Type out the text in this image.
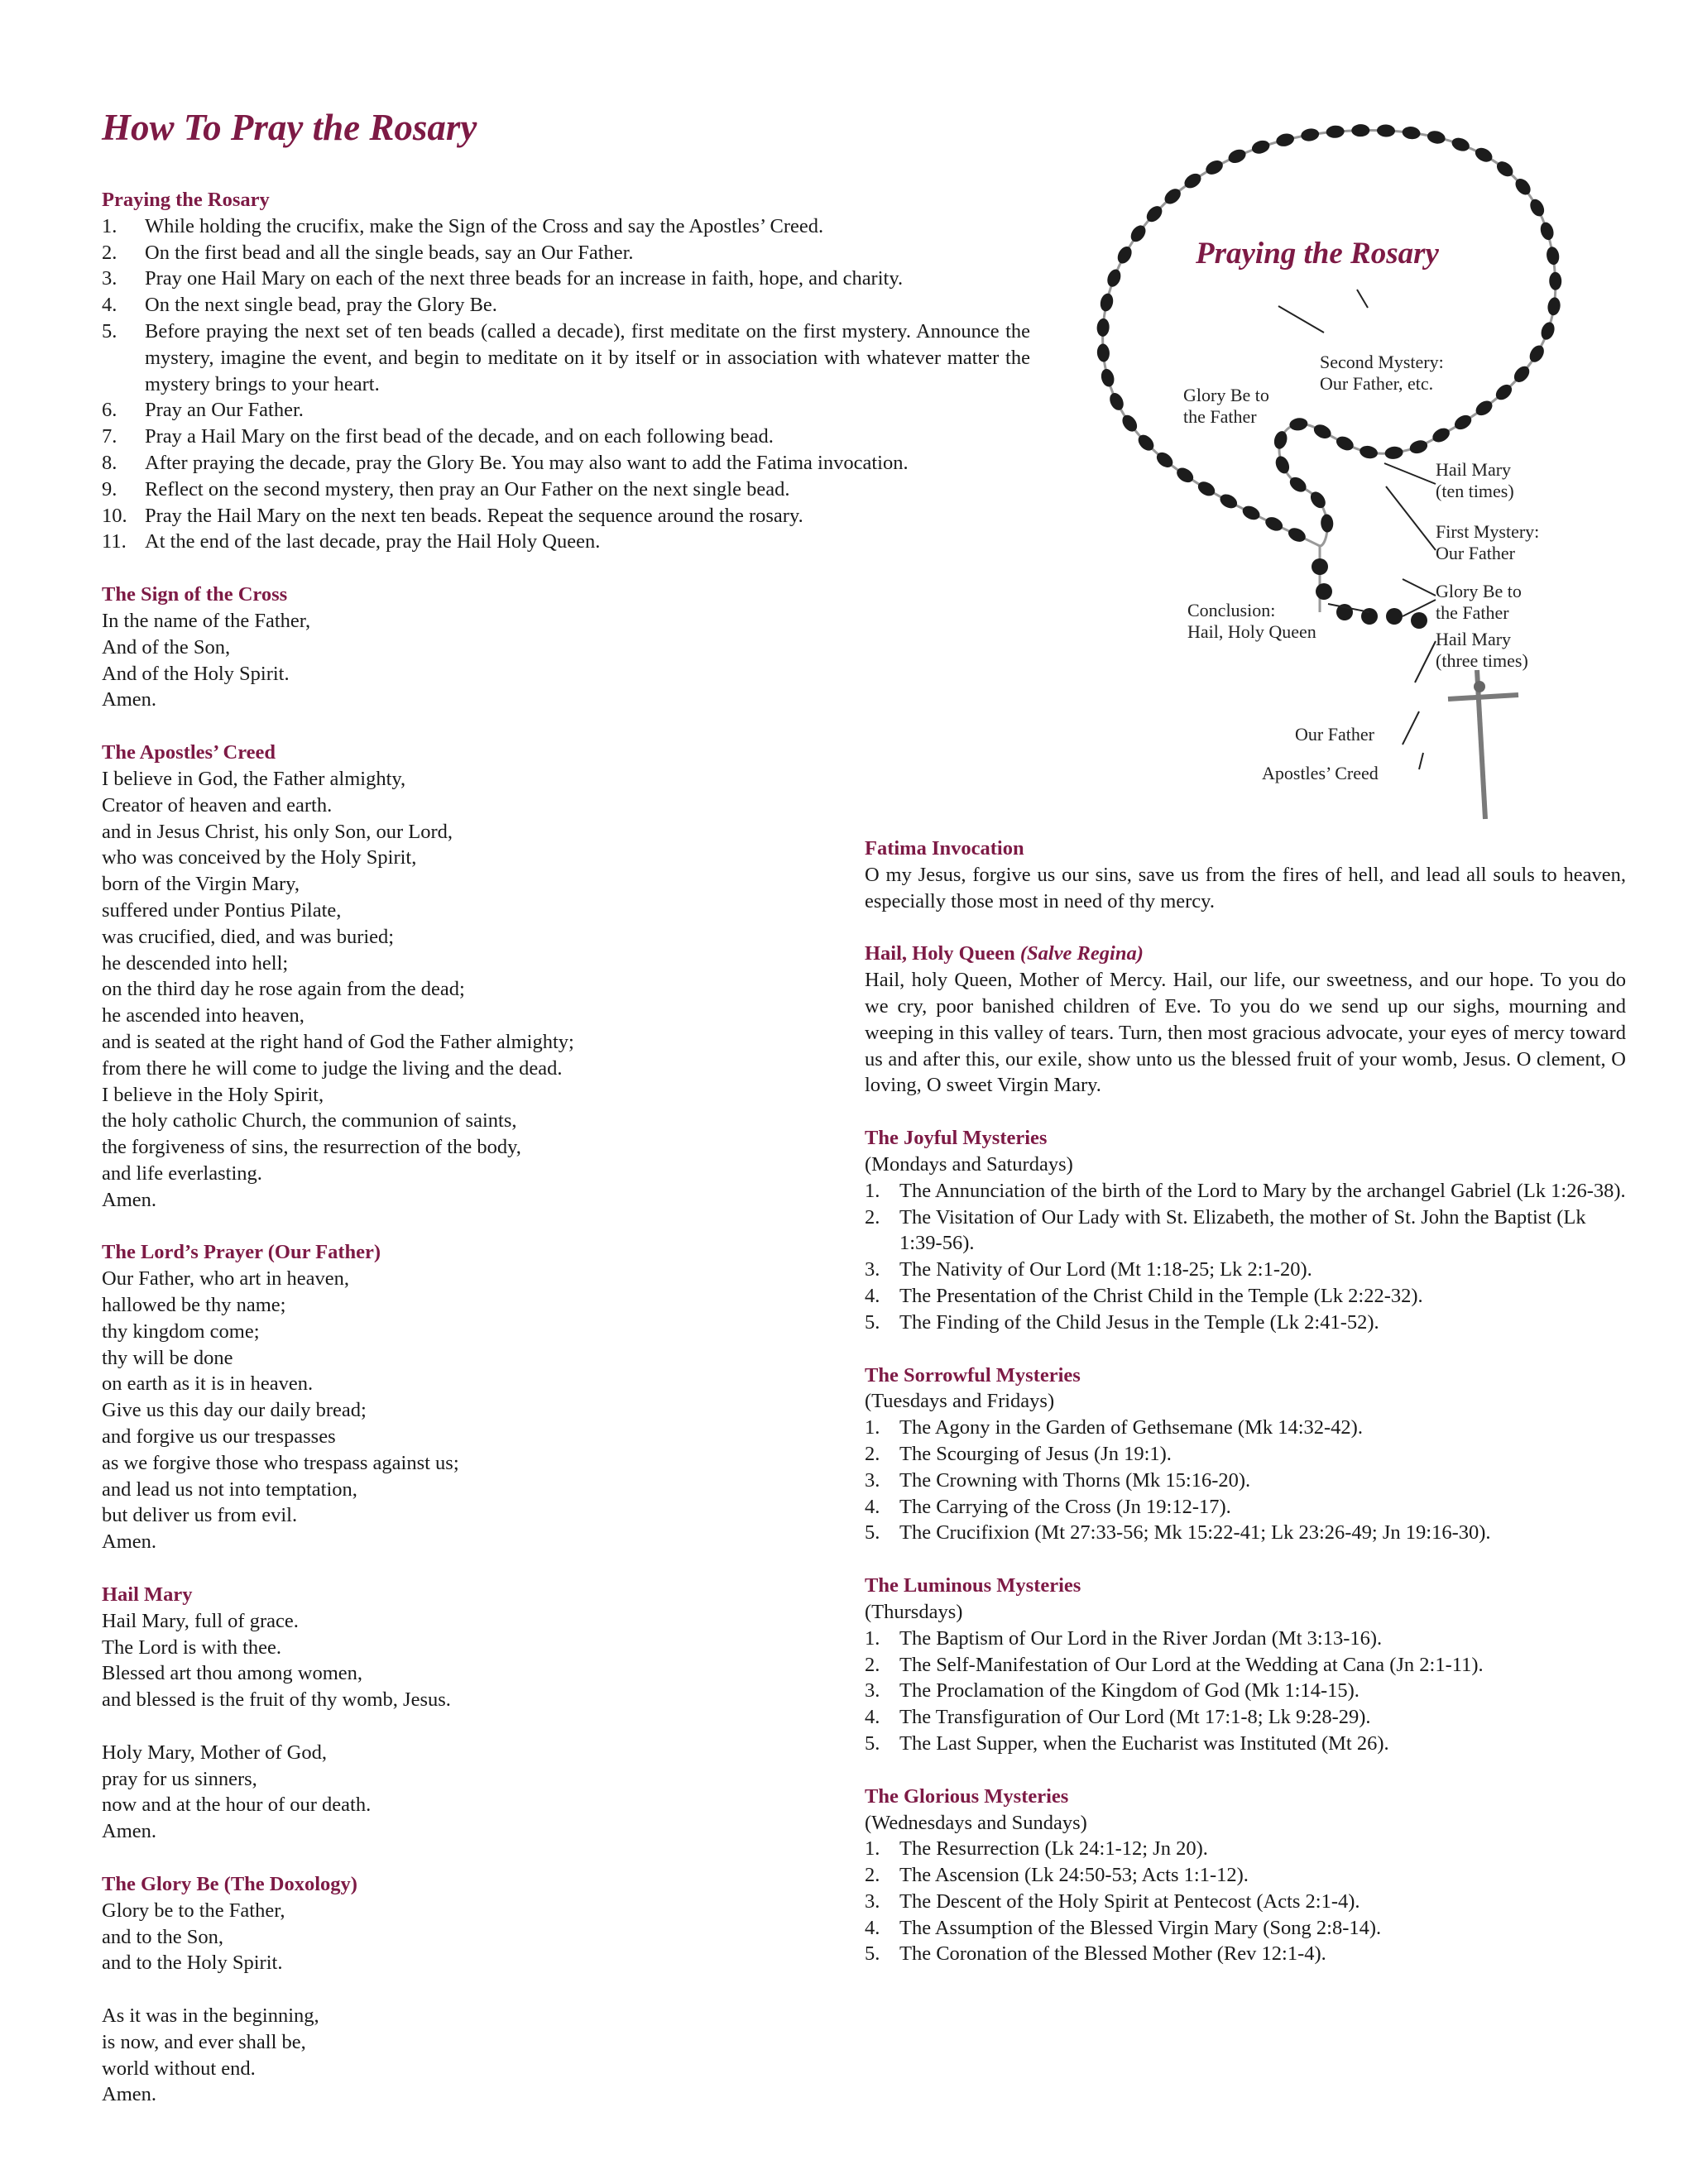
How To Pray the Rosary
Praying the Rosary
1. While holding the crucifix, make the Sign of the Cross and say the Apostles’ Creed.
2. On the first bead and all the single beads, say an Our Father.
3. Pray one Hail Mary on each of the next three beads for an increase in faith, hope, and charity.
4. On the next single bead, pray the Glory Be.
5. Before praying the next set of ten beads (called a decade), first meditate on the first mystery. Announce the mystery, imagine the event, and begin to meditate on it by itself or in association with whatever matter the mystery brings to your heart.
6. Pray an Our Father.
7. Pray a Hail Mary on the first bead of the decade, and on each following bead.
8. After praying the decade, pray the Glory Be. You may also want to add the Fatima invocation.
9. Reflect on the second mystery, then pray an Our Father on the next single bead.
10. Pray the Hail Mary on the next ten beads. Repeat the sequence around the rosary.
11. At the end of the last decade, pray the Hail Holy Queen.
The Sign of the Cross
In the name of the Father,
And of the Son,
And of the Holy Spirit.
Amen.
The Apostles’ Creed
I believe in God, the Father almighty,
Creator of heaven and earth.
and in Jesus Christ, his only Son, our Lord,
who was conceived by the Holy Spirit,
born of the Virgin Mary,
suffered under Pontius Pilate,
was crucified, died, and was buried;
he descended into hell;
on the third day he rose again from the dead;
he ascended into heaven,
and is seated at the right hand of God the Father almighty;
from there he will come to judge the living and the dead.
I believe in the Holy Spirit,
the holy catholic Church, the communion of saints,
the forgiveness of sins, the resurrection of the body,
and life everlasting.
Amen.
The Lord’s Prayer (Our Father)
Our Father, who art in heaven,
hallowed be thy name;
thy kingdom come;
thy will be done
on earth as it is in heaven.
Give us this day our daily bread;
and forgive us our trespasses
as we forgive those who trespass against us;
and lead us not into temptation,
but deliver us from evil.
Amen.
Hail Mary
Hail Mary, full of grace.
The Lord is with thee.
Blessed art thou among women,
and blessed is the fruit of thy womb, Jesus.
Holy Mary, Mother of God,
pray for us sinners,
now and at the hour of our death.
Amen.
The Glory Be (The Doxology)
Glory be to the Father,
and to the Son,
and to the Holy Spirit.
As it was in the beginning,
is now, and ever shall be,
world without end.
Amen.
Praying the Rosary
Second Mystery:
Our Father, etc.
Glory Be to
the Father
Hail Mary
(ten times)
First Mystery:
Our Father
Glory Be to
the Father
Conclusion:
Hail, Holy Queen	Hail Mary
(three times)
Our Father
Apostles’ Creed
Fatima Invocation
O my Jesus, forgive us our sins, save us from the fires of hell, and lead all souls to heaven, especially those most in need of thy mercy.
Hail, Holy Queen (Salve Regina)
Hail, holy Queen, Mother of Mercy. Hail, our life, our sweetness, and our hope. To you do we cry, poor banished children of Eve. To you do we send up our sighs, mourning and weeping in this valley of tears. Turn, then most gracious advocate, your eyes of mercy toward us and after this, our exile, show unto us the blessed fruit of your womb, Jesus. O clement, O loving, O sweet Virgin Mary.
The Joyful Mysteries
(Mondays and Saturdays)
1. The Annunciation of the birth of the Lord to Mary by the archangel Gabriel (Lk 1:26-38).
2. The Visitation of Our Lady with St. Elizabeth, the mother of St. John the Baptist (Lk 1:39-56).
3. The Nativity of Our Lord (Mt 1:18-25; Lk 2:1-20).
4. The Presentation of the Christ Child in the Temple (Lk 2:22-32).
5. The Finding of the Child Jesus in the Temple (Lk 2:41-52).
The Sorrowful Mysteries
(Tuesdays and Fridays)
1. The Agony in the Garden of Gethsemane (Mk 14:32-42).
2. The Scourging of Jesus (Jn 19:1).
3. The Crowning with Thorns (Mk 15:16-20).
4. The Carrying of the Cross (Jn 19:12-17).
5. The Crucifixion (Mt 27:33-56; Mk 15:22-41; Lk 23:26-49; Jn 19:16-30).
The Luminous Mysteries
(Thursdays)
1. The Baptism of Our Lord in the River Jordan (Mt 3:13-16).
2. The Self-Manifestation of Our Lord at the Wedding at Cana (Jn 2:1-11).
3. The Proclamation of the Kingdom of God (Mk 1:14-15).
4. The Transfiguration of Our Lord (Mt 17:1-8; Lk 9:28-29).
5. The Last Supper, when the Eucharist was Instituted (Mt 26).
The Glorious Mysteries
(Wednesdays and Sundays)
1. The Resurrection (Lk 24:1-12; Jn 20).
2. The Ascension (Lk 24:50-53; Acts 1:1-12).
3. The Descent of the Holy Spirit at Pentecost (Acts 2:1-4).
4. The Assumption of the Blessed Virgin Mary (Song 2:8-14).
5. The Coronation of the Blessed Mother (Rev 12:1-4).
